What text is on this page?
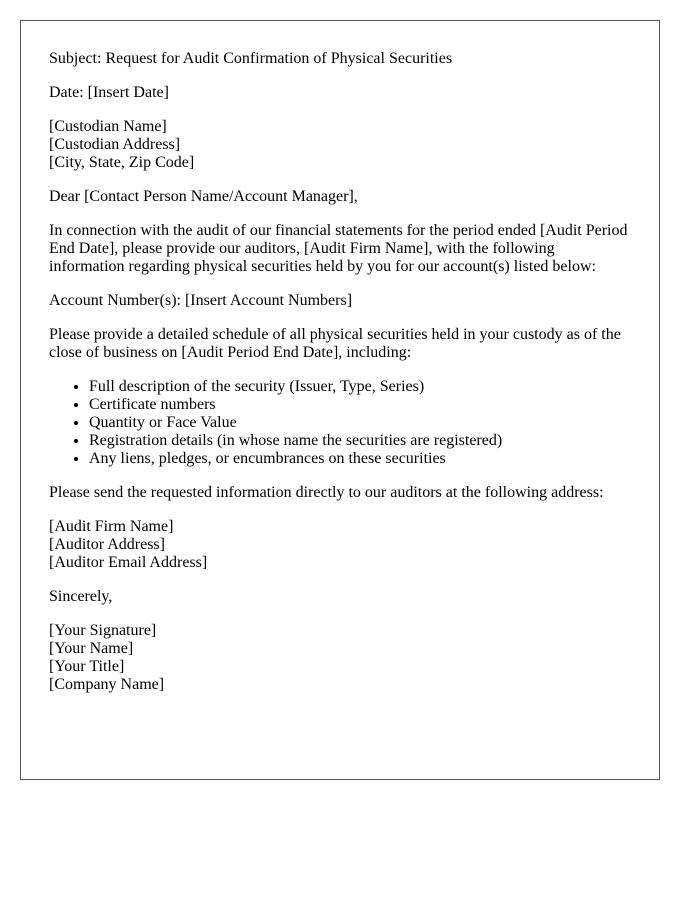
Subject: Request for Audit Confirmation of Physical Securities

Date: [Insert Date]

[Custodian Name]
[Custodian Address]
[City, State, Zip Code]

Dear [Contact Person Name/Account Manager],

In connection with the audit of our financial statements for the period ended [Audit Period End Date], please provide our auditors, [Audit Firm Name], with the following information regarding physical securities held by you for our account(s) listed below:

Account Number(s): [Insert Account Numbers]

Please provide a detailed schedule of all physical securities held in your custody as of the close of business on [Audit Period End Date], including:

• Full description of the security (Issuer, Type, Series)
• Certificate numbers
• Quantity or Face Value
• Registration details (in whose name the securities are registered)
• Any liens, pledges, or encumbrances on these securities

Please send the requested information directly to our auditors at the following address:

[Audit Firm Name]
[Auditor Address]
[Auditor Email Address]

Sincerely,

[Your Signature]
[Your Name]
[Your Title]
[Company Name]
